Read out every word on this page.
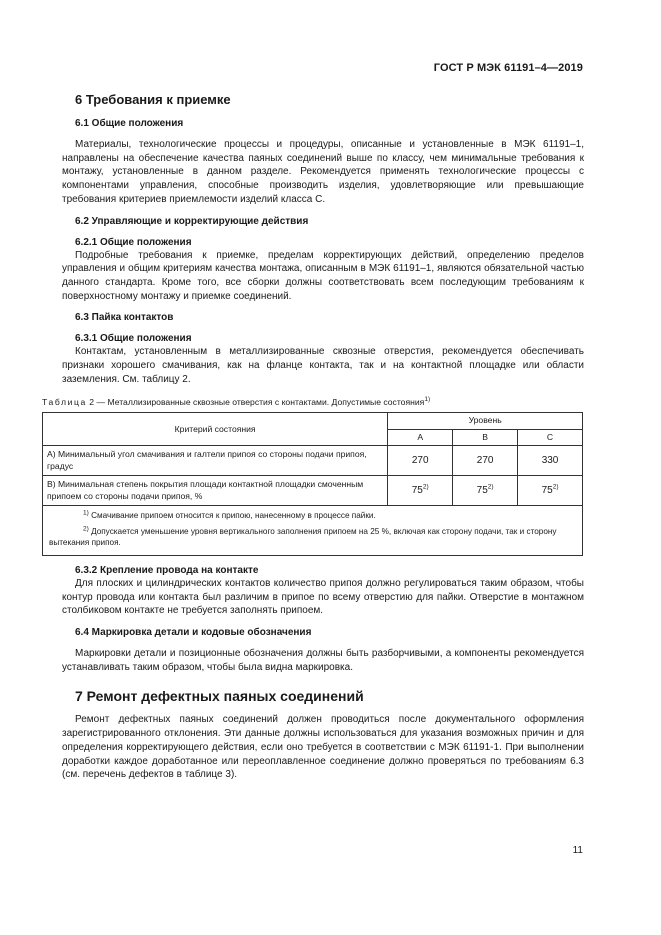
ГОСТ Р МЭК 61191–4—2019
6 Требования к приемке
6.1 Общие положения

Материалы, технологические процессы и процедуры, описанные и установленные в МЭК 61191–1, направлены на обеспечение качества паяных соединений выше по классу, чем минимальные требования к монтажу, установленные в данном разделе. Рекомендуется применять технологические процессы с компонентами управления, способные производить изделия, удовлетворяющие или превышающие требования критериев приемлемости изделий класса С.

6.2 Управляющие и корректирующие действия
6.2.1 Общие положения

Подробные требования к приемке, пределам корректирующих действий, определению пределов управления и общим критериям качества монтажа, описанным в МЭК 61191–1, являются обязательной частью данного стандарта. Кроме того, все сборки должны соответствовать всем последующим требованиям к поверхностному монтажу и приемке соединений.

6.3 Пайка контактов
6.3.1 Общие положения

Контактам, установленным в металлизированные сквозные отверстия, рекомендуется обеспечивать признаки хорошего смачивания, как на фланце контакта, так и на контактной площадке или области заземления. См. таблицу 2.

Таблица 2 — Металлизированные сквозные отверстия с контактами. Допустимые состояния$^{1)}$
Критерий состояния	Уровень		
	A	B	C
А) Минимальный угол смачивания и галтели припоя со стороны подачи припоя, градус	270	270	330
В) Минимальная степень покрытия площади контактной площадки смоченным припоем со стороны подачи припоя, %	75$^{2)}$	75$^{2)}$	75$^{2)}$

$^{1)}$ Смачивание припоем относится к припою, нанесенному в процессе пайки.
$^{2)}$ Допускается уменьшение уровня вертикального заполнения припоем на 25 %, включая как сторону подачи, так и сторону вытекания припоя.			
6.3.2 Крепление провода на контакте

Для плоских и цилиндрических контактов количество припоя должно регулироваться таким образом, чтобы контур провода или контакта был различим в припое по всему отверстию для пайки. Отверстие в монтажном столбиковом контакте не требуется заполнять припоем.

6.4 Маркировка детали и кодовые обозначения

Маркировки детали и позиционные обозначения должны быть разборчивыми, а компоненты рекомендуется устанавливать таким образом, чтобы была видна маркировка.

7 Ремонт дефектных паяных соединений

Ремонт дефектных паяных соединений должен проводиться после документального оформления зарегистрированного отклонения. Эти данные должны использоваться для указания возможных причин и для определения корректирующего действия, если оно требуется в соответствии с МЭК 61191-1. При выполнении доработки каждое доработанное или переоплавленное соединение должно проверяться по требованиям 6.3 (см. перечень дефектов в таблице 3).

11
